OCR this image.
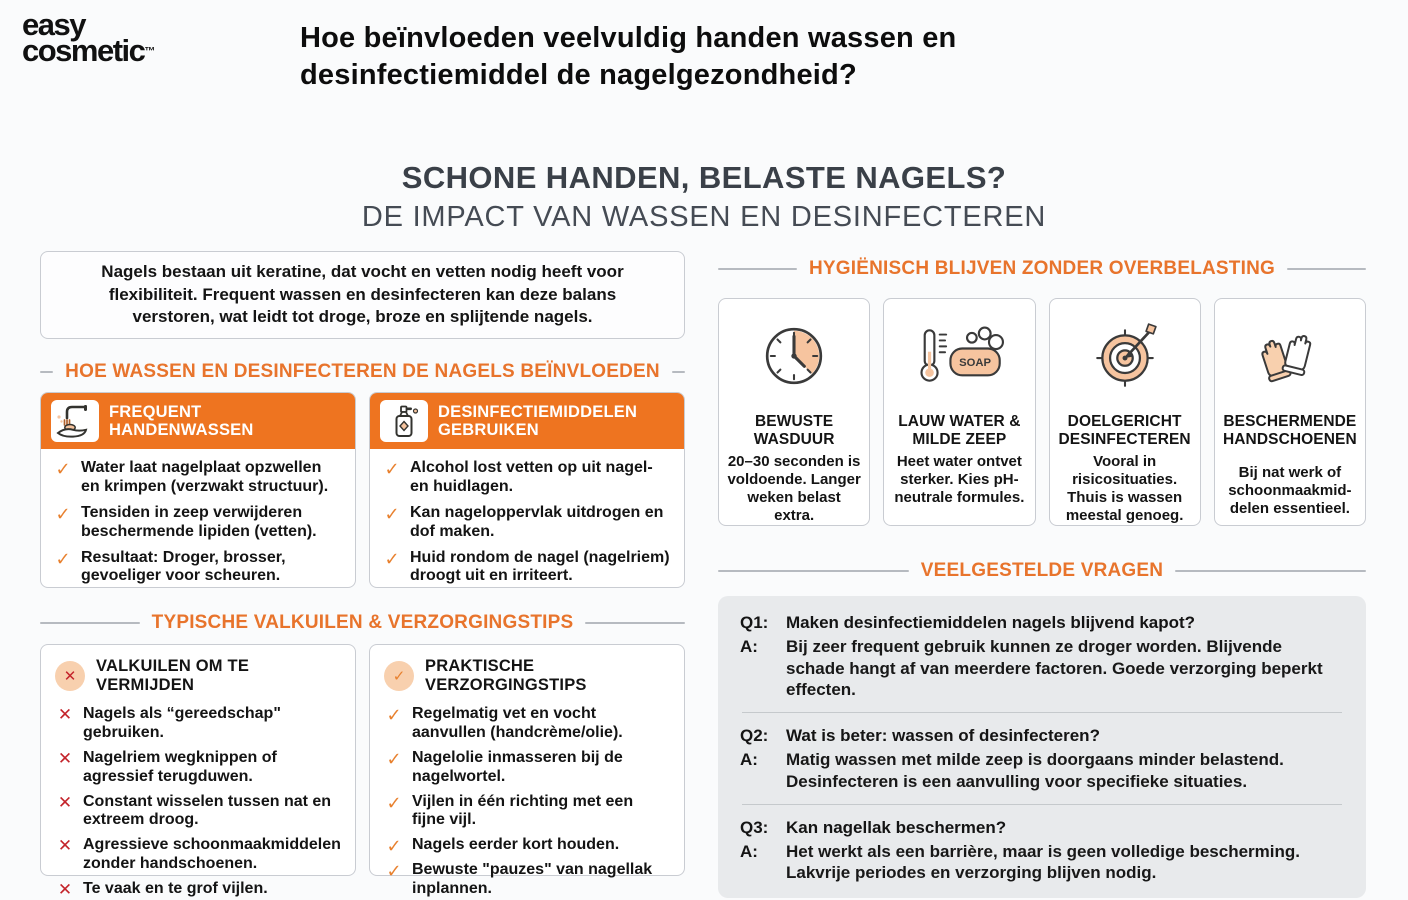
easy
cosmetic™	Hoe beïnvloeden veelvuldig handen wassen en desinfectiemiddel de nagelgezondheid?
SCHONE HANDEN, BELASTE NAGELS?
DE IMPACT VAN WASSEN EN DESINFECTEREN
Nagels bestaan uit keratine, dat vocht en vetten nodig heeft voor flexibiliteit. Frequent wassen en desinfecteren kan deze balans verstoren, wat leidt tot droge, broze en splijtende nagels.
HOE WASSEN EN DESINFECTEREN DE NAGELS BEÏNVLOEDEN
FREQUENT HANDENWASSEN
✓ Water laat nagelplaat opzwellen en krimpen (verzwakt structuur).
✓ Tensiden in zeep verwijderen beschermende lipiden (vetten).
✓ Resultaat: Droger, brosser, gevoeliger voor scheuren.
DESINFECTIEMIDDELEN GEBRUIKEN
✓ Alcohol lost vetten op uit nagel- en huidlagen.
✓ Kan nageloppervlak uitdrogen en dof maken.
✓ Huid rondom de nagel (nagelriem) droogt uit en irriteert.
TYPISCHE VALKUILEN & VERZORGINGSTIPS
✕
VALKUILEN OM TE VERMIJDEN
✕ Nagels als “gereedschap" gebruiken.
✕ Nagelriem wegknippen of agressief terugduwen.
✕ Constant wisselen tussen nat en extreem droog.
✕ Agressieve schoonmaakmiddelen zonder handschoenen.
✕ Te vaak en te grof vijlen.
✓
PRAKTISCHE VERZORGINGSTIPS
✓ Regelmatig vet en vocht aanvullen (handcrème/olie).
✓ Nagelolie inmasseren bij de nagelwortel.
✓ Vijlen in één richting met een fijne vijl.
✓ Nagels eerder kort houden.
✓ Bewuste "pauzes" van nagellak inplannen.
HYGIËNISCH BLIJVEN ZONDER OVERBELASTING
BEWUSTE WASDUUR
20–30 seconden is voldoende. Langer weken belast extra.
SOAP
LAUW WATER & MILDE ZEEP
Heet water ontvet sterker. Kies pH-neutrale formules.
DOELGERICHT DESINFECTEREN
Vooral in risicosituaties. Thuis is wassen meestal genoeg.
BESCHERMENDE HANDSCHOENEN
Bij nat werk of schoonmaakmid-delen essentieel.
VEELGESTELDE VRAGEN
Q1:	Maken desinfectiemiddelen nagels blijvend kapot?
A:	Bij zeer frequent gebruik kunnen ze droger worden. Blijvende schade hangt af van meerdere factoren. Goede verzorging beperkt effecten.
Q2:	Wat is beter: wassen of desinfecteren?
A:	Matig wassen met milde zeep is doorgaans minder belastend. Desinfecteren is een aanvulling voor specifieke situaties.
Q3:	Kan nagellak beschermen?
A:	Het werkt als een barrière, maar is geen volledige bescherming. Lakvrije periodes en verzorging blijven nodig.
